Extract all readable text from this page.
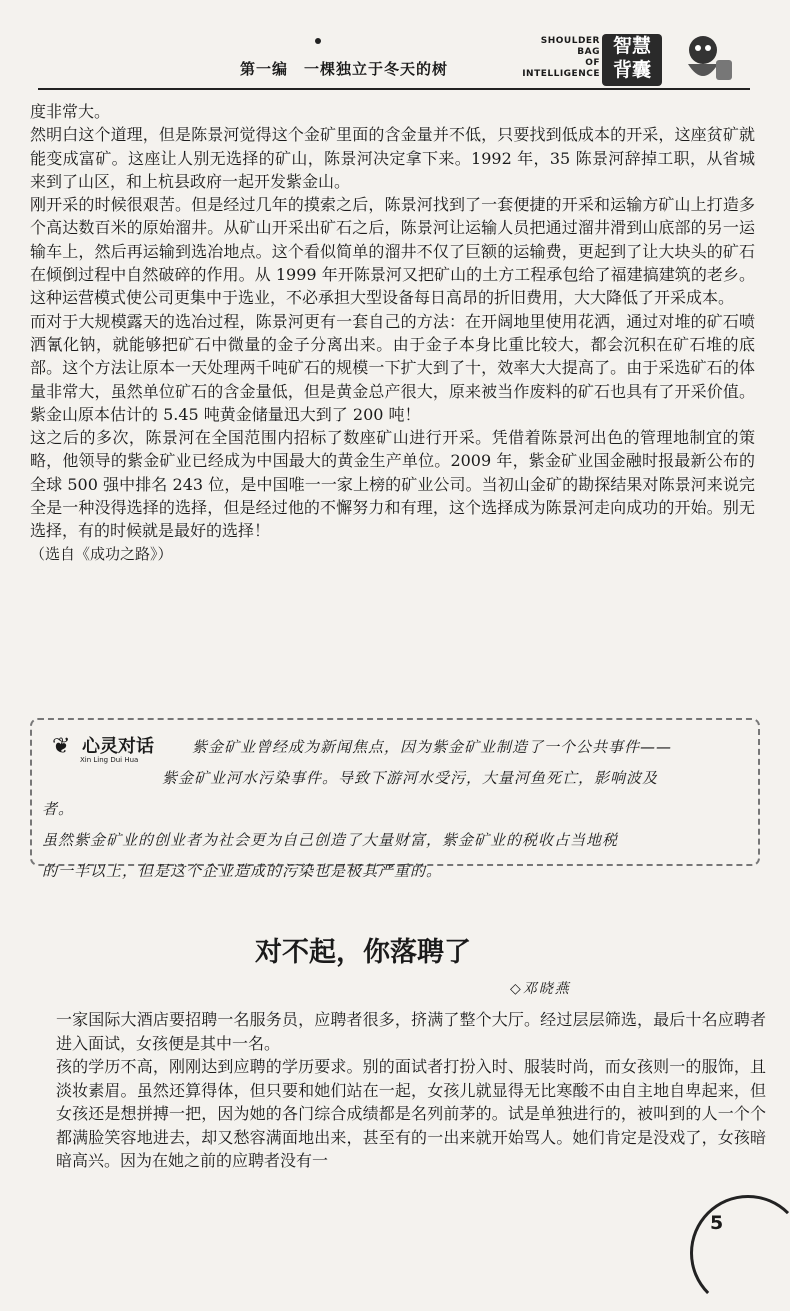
第一编　一棵独立于冬天的树
SHOULDER
BAG
OF INTELLIGENCE
智慧
背囊

度非常大。

然明白这个道理，但是陈景河觉得这个金矿里面的含金量并不低，只要找到低成本的开采，这座贫矿就能变成富矿。这座让人别无选择的矿山，陈景河决定拿下来。1992 年，35 陈景河辞掉工职，从省城来到了山区，和上杭县政府一起开发紫金山。

刚开采的时候很艰苦。但是经过几年的摸索之后，陈景河找到了一套便捷的开采和运输方矿山上打造多个高达数百米的原始溜井。从矿山开采出矿石之后，陈景河让运输人员把通过溜井滑到山底部的另一运输车上，然后再运输到选冶地点。这个看似简单的溜井不仅了巨额的运输费，更起到了让大块头的矿石在倾倒过程中自然破碎的作用。从 1999 年开陈景河又把矿山的土方工程承包给了福建搞建筑的老乡。这种运营模式使公司更集中于选业，不必承担大型设备每日高昂的折旧费用，大大降低了开采成本。

而对于大规模露天的选冶过程，陈景河更有一套自己的方法：在开阔地里使用花洒，通过对堆的矿石喷洒氰化钠，就能够把矿石中微量的金子分离出来。由于金子本身比重比较大，都会沉积在矿石堆的底部。这个方法让原本一天处理两千吨矿石的规模一下扩大到了十，效率大大提高了。由于采选矿石的体量非常大，虽然单位矿石的含金量低，但是黄金总产很大，原来被当作废料的矿石也具有了开采价值。紫金山原本估计的 5.45 吨黄金储量迅大到了 200 吨！

这之后的多次，陈景河在全国范围内招标了数座矿山进行开采。凭借着陈景河出色的管理地制宜的策略，他领导的紫金矿业已经成为中国最大的黄金生产单位。2009 年，紫金矿业国金融时报最新公布的全球 500 强中排名 243 位，是中国唯一一家上榜的矿业公司。当初山金矿的勘探结果对陈景河来说完全是一种没得选择的选择，但是经过他的不懈努力和有理，这个选择成为陈景河走向成功的开始。别无选择，有的时候就是最好的选择！

（选自《成功之路》）

❦ 心灵对话
Xin Ling Dui Hua

紫金矿业曾经成为新闻焦点，因为紫金矿业制造了一个公共事件——

紫金矿业河水污染事件。导致下游河水受污，大量河鱼死亡，影响波及

者。

虽然紫金矿业的创业者为社会更为自己创造了大量财富，紫金矿业的税收占当地税

的一半以上，但是这个企业造成的污染也是极其严重的。

对不起，你落聘了
◇邓晓燕

一家国际大酒店要招聘一名服务员，应聘者很多，挤满了整个大厅。经过层层筛选，最后十名应聘者进入面试，女孩便是其中一名。

孩的学历不高，刚刚达到应聘的学历要求。别的面试者打扮入时、服装时尚，而女孩则一的服饰，且淡妆素眉。虽然还算得体，但只要和她们站在一起，女孩儿就显得无比寒酸不由自主地自卑起来，但女孩还是想拼搏一把，因为她的各门综合成绩都是名列前茅的。试是单独进行的，被叫到的人一个个都满脸笑容地进去，却又愁容满面地出来，甚至有的一出来就开始骂人。她们肯定是没戏了，女孩暗暗高兴。因为在她之前的应聘者没有一

5
